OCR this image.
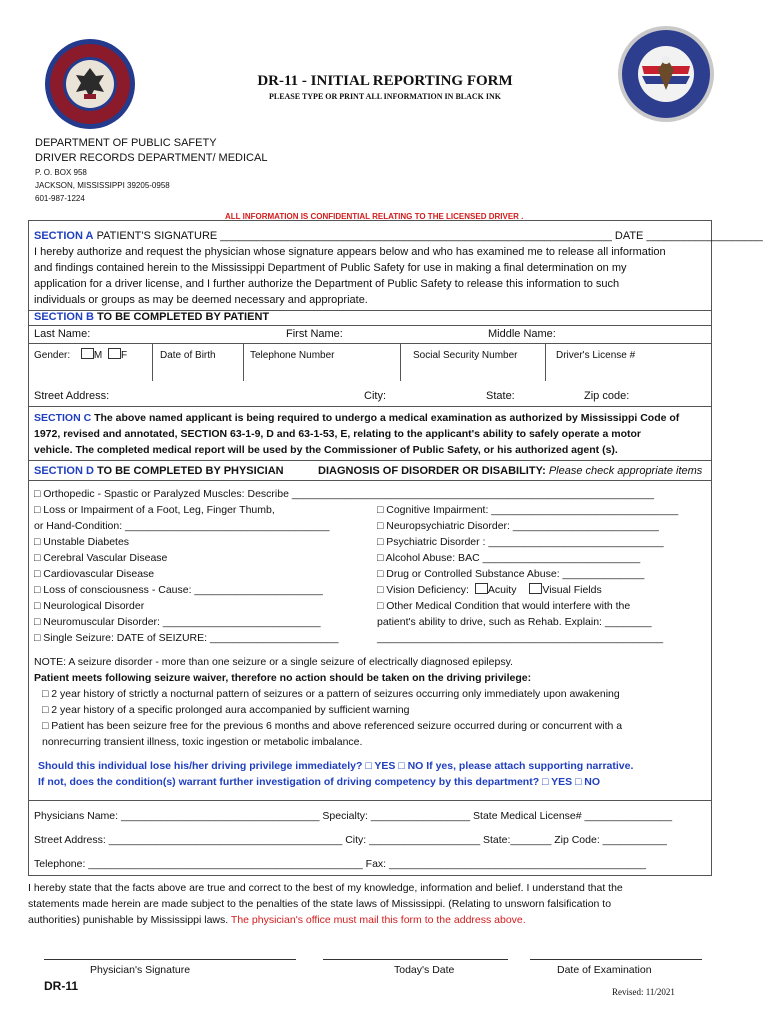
DR-11 - INITIAL REPORTING FORM
PLEASE TYPE OR PRINT ALL INFORMATION IN BLACK INK
DEPARTMENT OF PUBLIC SAFETY
DRIVER RECORDS DEPARTMENT/ MEDICAL
P. O. BOX 958
JACKSON, MISSISSIPPI 39205-0958
601-987-1224
ALL INFORMATION IS CONFIDENTIAL RELATING TO THE LICENSED DRIVER .
SECTION A PATIENT'S SIGNATURE ________________________________________________________________ DATE ___________________
I hereby authorize and request the physician whose signature appears below and who has examined me to release all information
and findings contained herein to the Mississippi Department of Public Safety for use in making a final determination on my
application for a driver license, and I further authorize the Department of Public Safety to release this information to such
individuals or groups as may be deemed necessary and appropriate.
SECTION B TO BE COMPLETED BY PATIENT
Last Name:	First Name:	Middle Name:
Gender: M F	Date of Birth	Telephone Number	Social Security Number	Driver's License #
Street Address:	City:	State:	Zip code:
SECTION C The above named applicant is being required to undergo a medical examination as authorized by Mississippi Code of
1972, revised and annotated, SECTION 63-1-9, D and 63-1-53, E, relating to the applicant's ability to safely operate a motor
vehicle. The completed medical report will be used by the Commissioner of Public Safety, or his authorized agent (s).
SECTION D TO BE COMPLETED BY PHYSICIAN	DIAGNOSIS OF DISORDER OR DISABILITY: Please check appropriate items
□ Orthopedic - Spastic or Paralyzed Muscles: Describe ______________________________________________________________
□ Loss or Impairment of a Foot, Leg, Finger Thumb,
or Hand-Condition: ___________________________________
□ Unstable Diabetes
□ Cerebral Vascular Disease
□ Cardiovascular Disease
□ Loss of consciousness - Cause: ______________________
□ Neurological Disorder
□ Neuromuscular Disorder: ___________________________
□ Single Seizure: DATE of SEIZURE: ______________________
□ Cognitive Impairment: ________________________________
□ Neuropsychiatric Disorder: _________________________
□ Psychiatric Disorder : ______________________________
□ Alcohol Abuse: BAC ___________________________
□ Drug or Controlled Substance Abuse: ______________
□ Vision Deficiency: Acuity Visual Fields
□ Other Medical Condition that would interfere with the
patient's ability to drive, such as Rehab. Explain: ________
_________________________________________________
NOTE: A seizure disorder - more than one seizure or a single seizure of electrically diagnosed epilepsy.
Patient meets following seizure waiver, therefore no action should be taken on the driving privilege:
□ 2 year history of strictly a nocturnal pattern of seizures or a pattern of seizures occurring only immediately upon awakening
□ 2 year history of a specific prolonged aura accompanied by sufficient warning
□ Patient has been seizure free for the previous 6 months and above referenced seizure occurred during or concurrent with a
nonrecurring transient illness, toxic ingestion or metabolic imbalance.
Should this individual lose his/her driving privilege immediately? □ YES □ NO If yes, please attach supporting narrative.
If not, does the condition(s) warrant further investigation of driving competency by this department? □ YES □ NO
Physicians Name: __________________________________ Specialty: _________________ State Medical License# _______________
Street Address: ________________________________________ City: ___________________ State:_______ Zip Code: ___________
Telephone: _______________________________________________ Fax: ____________________________________________
I hereby state that the facts above are true and correct to the best of my knowledge, information and belief. I understand that the
statements made herein are made subject to the penalties of the state laws of Mississippi. (Relating to unsworn falsification to
authorities) punishable by Mississippi laws. The physician's office must mail this form to the address above.
Physician's Signature	Today's Date	Date of Examination
DR-11	Revised: 11/2021
